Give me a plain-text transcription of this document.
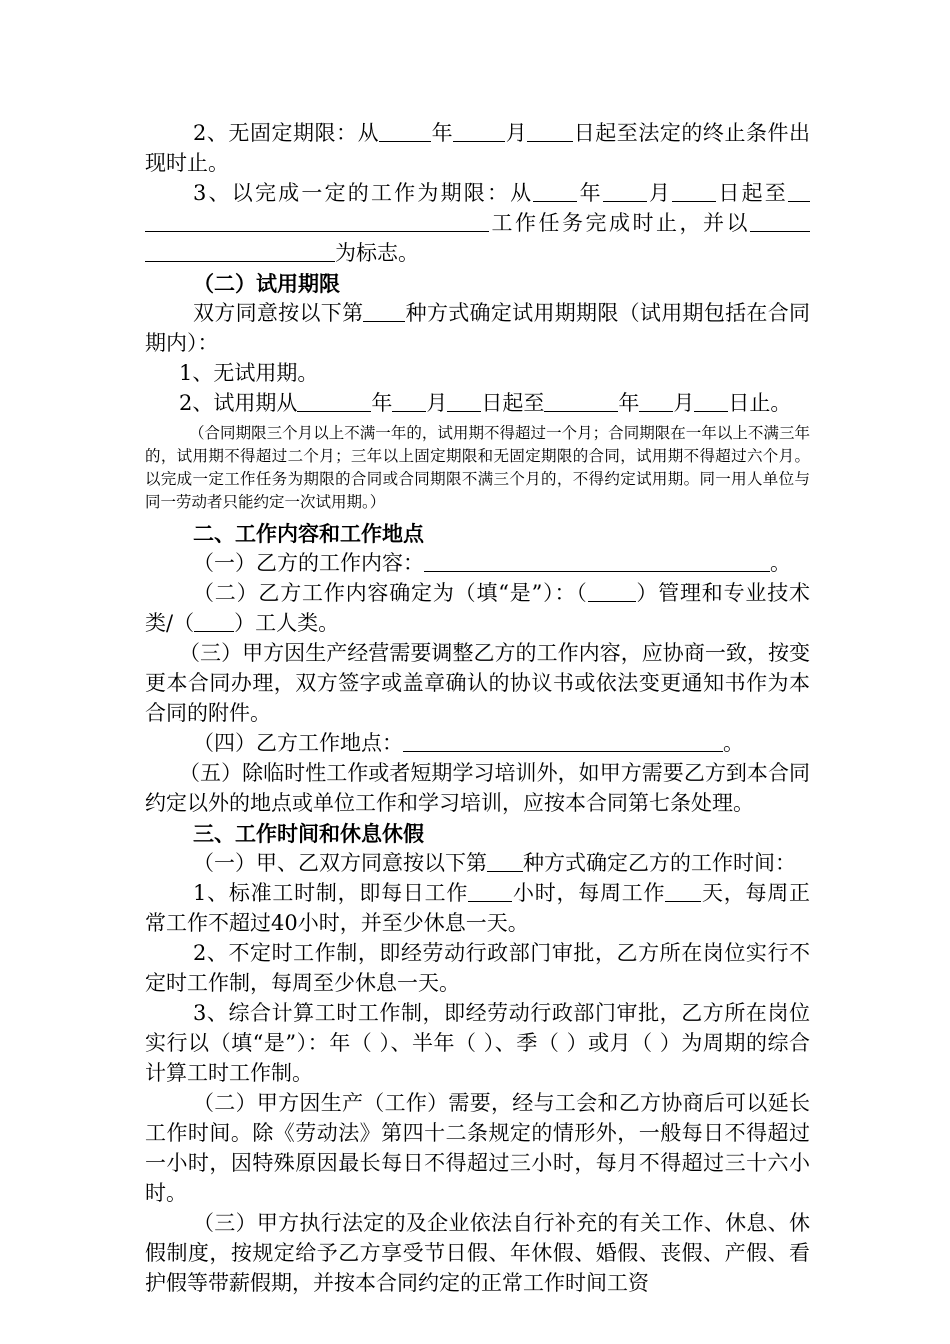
2、无固定期限：从 年 月 日起至法定的终止条件出现时止。

3、以完成一定的工作为期限：从 年 月 日起至工作任务完成时止，并以为标志。

（二）试用期限

双方同意按以下第 种方式确定试用期期限（试用期包括在合同期内）：

1、无试用期。

2、试用期从	年 月 日起至	年 月 日止。

（合同期限三个月以上不满一年的，试用期不得超过一个月；合同期限在一年以上不满三年的，试用期不得超过二个月；三年以上固定期限和无固定期限的合同，试用期不得超过六个月。以完成一定工作任务为期限的合同或合同期限不满三个月的，不得约定试用期。同一用人单位与同一劳动者只能约定一次试用期。）

二、工作内容和工作地点

（一）乙方的工作内容：	。

（二）乙方工作内容确定为（填“是”）：（ ）管理和专业技术类/（ ）工人类。

（三）甲方因生产经营需要调整乙方的工作内容，应协商一致，按变更本合同办理，双方签字或盖章确认的协议书或依法变更通知书作为本合同的附件。

（四）乙方工作地点：	。

（五）除临时性工作或者短期学习培训外，如甲方需要乙方到本合同约定以外的地点或单位工作和学习培训，应按本合同第七条处理。

三、工作时间和休息休假

（一）甲、乙双方同意按以下第 种方式确定乙方的工作时间：

1、标准工时制，即每日工作 小时，每周工作 天，每周正常工作不超过40小时，并至少休息一天。

2、不定时工作制，即经劳动行政部门审批，乙方所在岗位实行不定时工作制，每周至少休息一天。

3、综合计算工时工作制，即经劳动行政部门审批，乙方所在岗位实行以（填“是”）：年（ ）、半年（ ）、季（ ）或月（ ）为周期的综合计算工时工作制。

（二）甲方因生产（工作）需要，经与工会和乙方协商后可以延长工作时间。除《劳动法》第四十二条规定的情形外，一般每日不得超过一小时，因特殊原因最长每日不得超过三小时，每月不得超过三十六小时。

（三）甲方执行法定的及企业依法自行补充的有关工作、休息、休假制度，按规定给予乙方享受节日假、年休假、婚假、丧假、产假、看护假等带薪假期，并按本合同约定的正常工作时间工资
